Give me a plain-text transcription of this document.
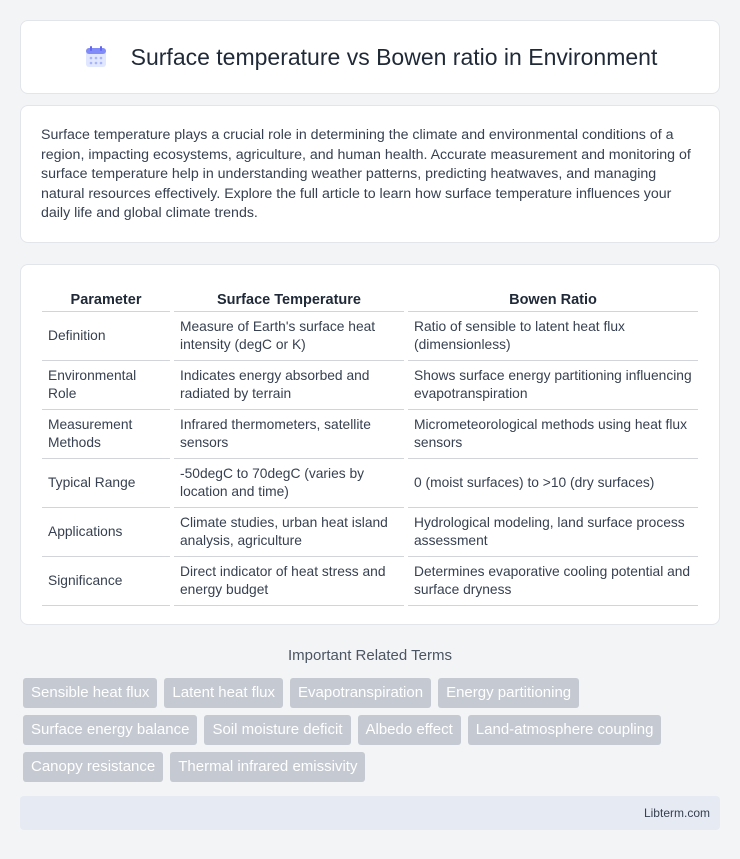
Surface temperature vs Bowen ratio in Environment

Surface temperature plays a crucial role in determining the climate and environmental conditions of a region, impacting ecosystems, agriculture, and human health. Accurate measurement and monitoring of surface temperature help in understanding weather patterns, predicting heatwaves, and managing natural resources effectively. Explore the full article to learn how surface temperature influences your daily life and global climate trends.

Parameter	Surface Temperature	Bowen Ratio
Definition	Measure of Earth's surface heat intensity (degC or K)	Ratio of sensible to latent heat flux (dimensionless)
Environmental Role	Indicates energy absorbed and radiated by terrain	Shows surface energy partitioning influencing evapotranspiration
Measurement Methods	Infrared thermometers, satellite sensors	Micrometeorological methods using heat flux sensors
Typical Range	-50degC to 70degC (varies by location and time)	0 (moist surfaces) to >10 (dry surfaces)
Applications	Climate studies, urban heat island analysis, agriculture	Hydrological modeling, land surface process assessment
Significance	Direct indicator of heat stress and energy budget	Determines evaporative cooling potential and surface dryness
Important Related Terms
Sensible heat flux	Latent heat flux	Evapotranspiration	Energy partitioning
Surface energy balance	Soil moisture deficit	Albedo effect	Land-atmosphere coupling
Canopy resistance	Thermal infrared emissivity
Libterm.com
